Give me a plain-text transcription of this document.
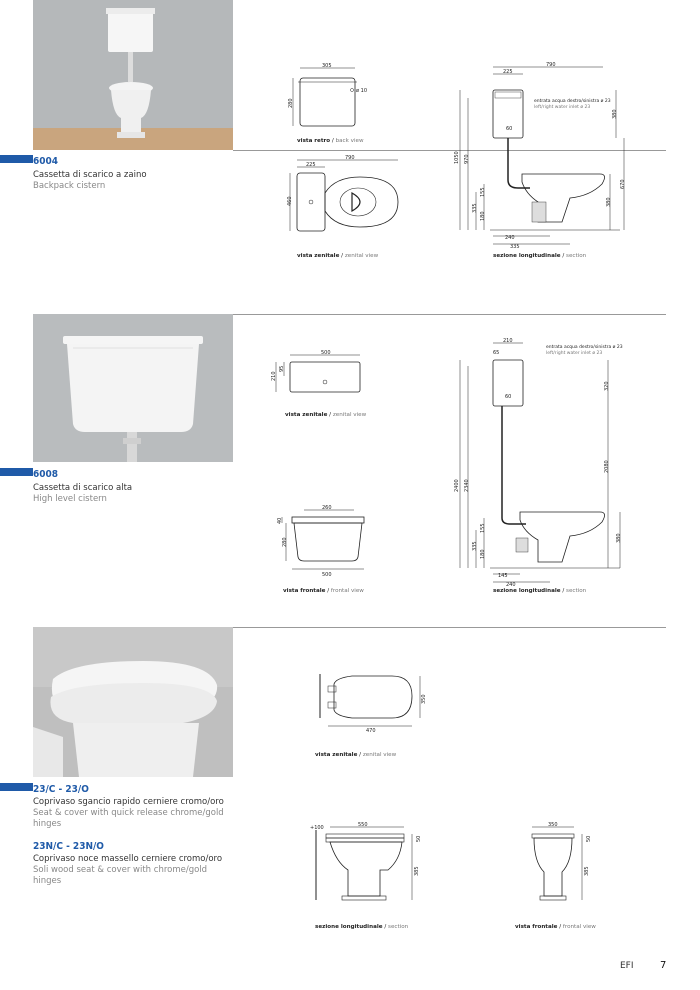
6004
Cassetta di scarico a zaino
Backpack cistern
305
ø 10
280
vista retro / back view
790
225
460
vista zenitale / zenital view
790
225
entrata acqua destro/sinistra ø 23
left/right water inlet ø 23
60
1050 970
335
155
180
380
670
380
240
335
sezione longitudinale / section
6008
Cassetta di scarico alta
High level cistern
500
210
95
vista zenitale / zenital view
260
500
40
280
vista frontale / frontal view
210
65
entrata acqua destro/sinistra ø 23
left/right water inlet ø 23
60
2400 2340
335
155
180
320
2080
380
145
240
sezione longitudinale / section
23/C - 23/O
Coprivaso sgancio rapido cerniere cromo/oro
Seat & cover with quick release chrome/gold hinges
23N/C - 23N/O
Coprivaso noce massello cerniere cromo/oro
Soli wood seat & cover with chrome/gold hinges
350
470
vista zenitale / zenital view
+100	550
50
385
sezione longitudinale / section
350
50
385
vista frontale / frontal view
EFI	7
